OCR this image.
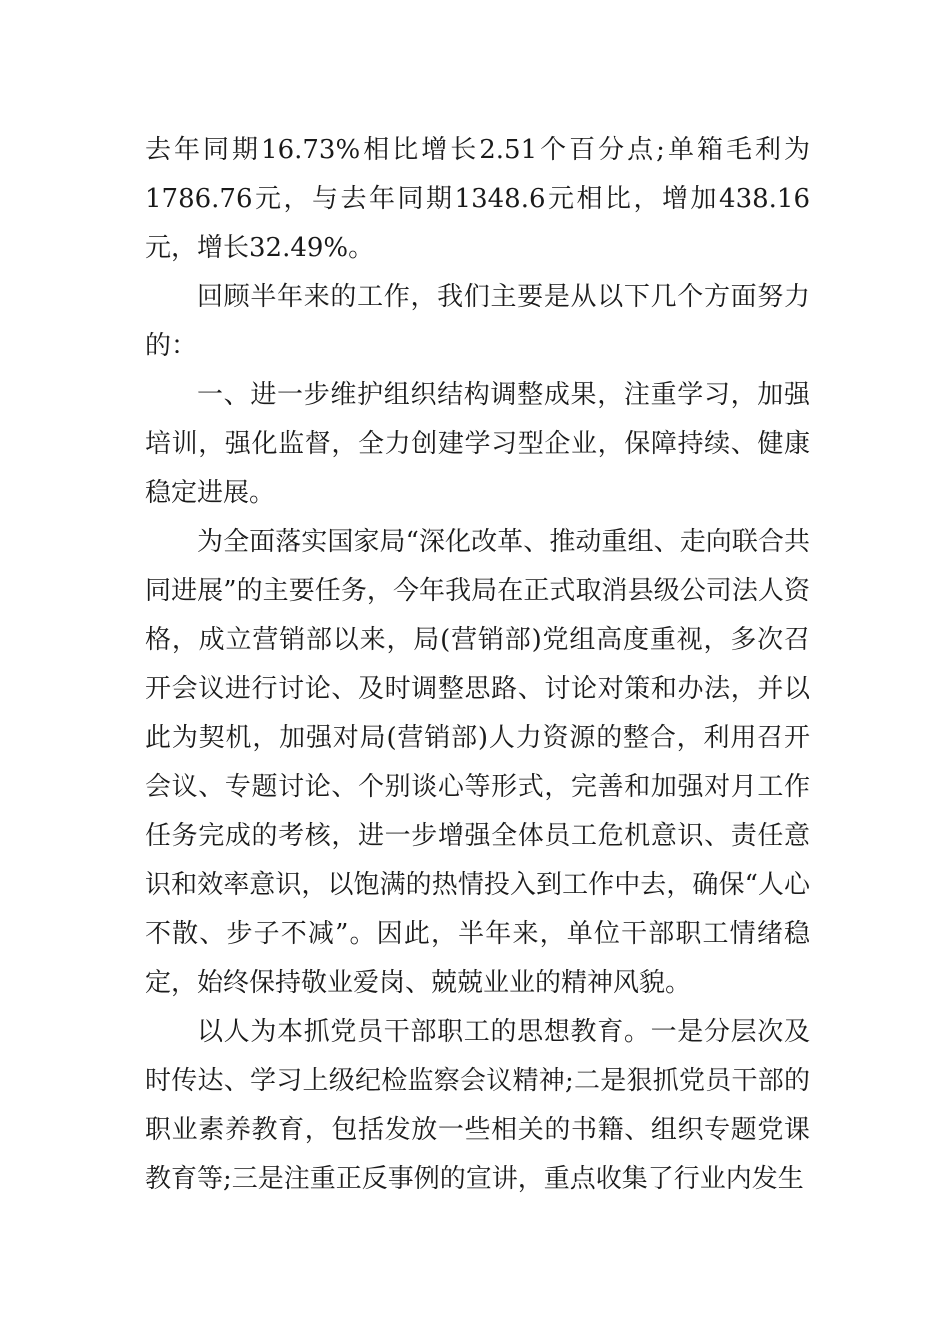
去年同期16.73%相比增长2.51个百分点;单箱毛利为1786.76元，与去年同期1348.6元相比，增加438.16元，增长32.49%。

回顾半年来的工作，我们主要是从以下几个方面努力的：

一、进一步维护组织结构调整成果，注重学习，加强培训，强化监督，全力创建学习型企业，保障持续、健康稳定进展。

为全面落实国家局“深化改革、推动重组、走向联合共同进展”的主要任务，今年我局在正式取消县级公司法人资格，成立营销部以来，局(营销部)党组高度重视，多次召开会议进行讨论、及时调整思路、讨论对策和办法，并以此为契机，加强对局(营销部)人力资源的整合，利用召开会议、专题讨论、个别谈心等形式，完善和加强对月工作任务完成的考核，进一步增强全体员工危机意识、责任意识和效率意识，以饱满的热情投入到工作中去，确保“人心不散、步子不减”。因此，半年来，单位干部职工情绪稳定，始终保持敬业爱岗、兢兢业业的精神风貌。

以人为本抓党员干部职工的思想教育。一是分层次及时传达、学习上级纪检监察会议精神;二是狠抓党员干部的职业素养教育，包括发放一些相关的书籍、组织专题党课教育等;三是注重正反事例的宣讲，重点收集了行业内发生
